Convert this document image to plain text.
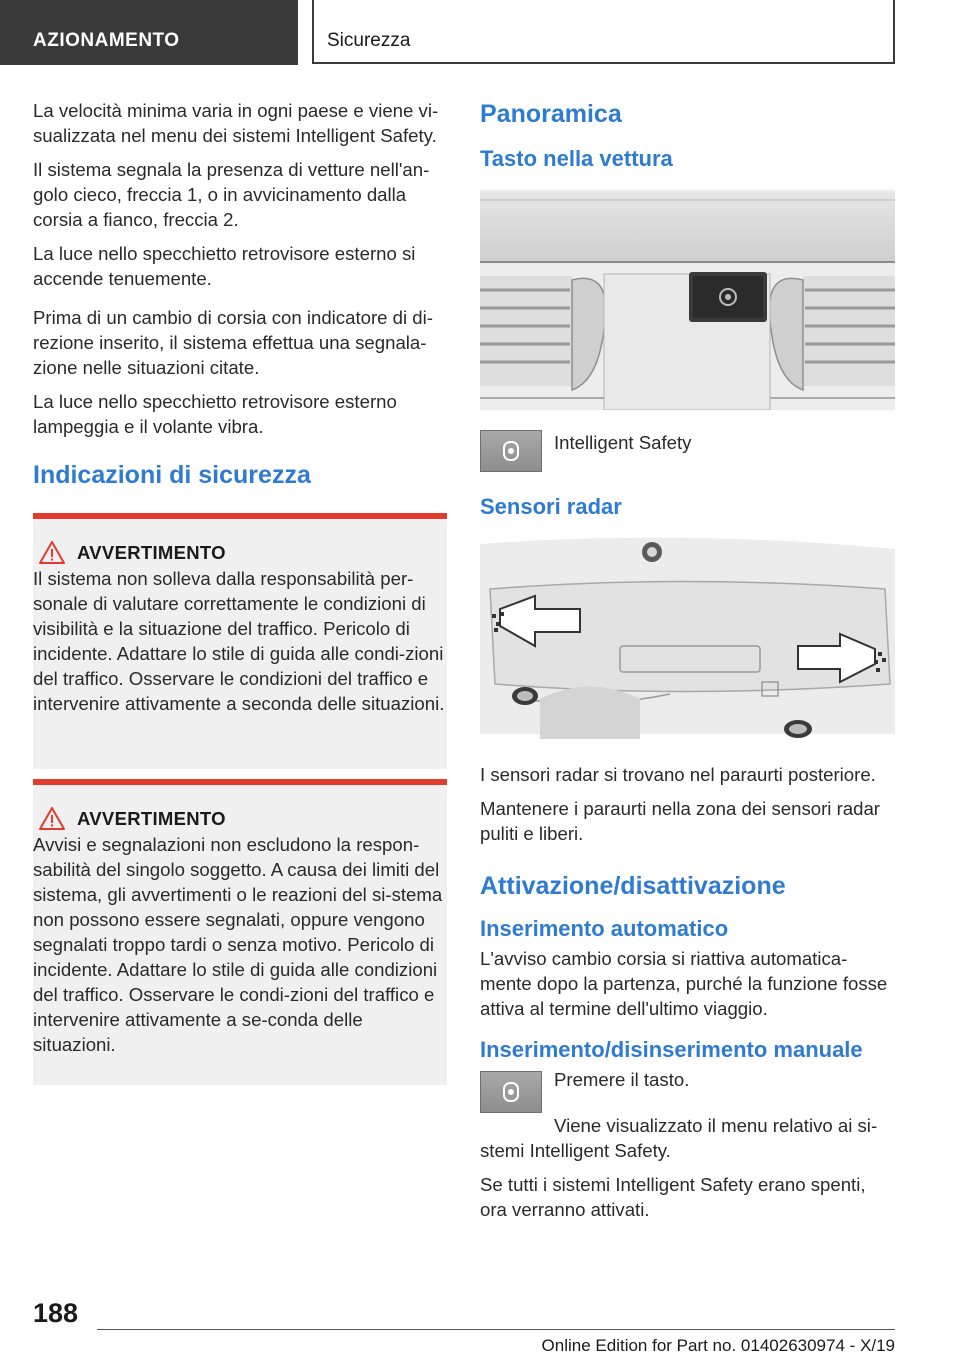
AZIONAMENTO	Sicurezza

La velocità minima varia in ogni paese e viene vi-sualizzata nel menu dei sistemi Intelligent Safety.

Il sistema segnala la presenza di vetture nell'an-golo cieco, freccia 1, o in avvicinamento dalla corsia a fianco, freccia 2.

La luce nello specchietto retrovisore esterno si accende tenuemente.

Prima di un cambio di corsia con indicatore di di-rezione inserito, il sistema effettua una segnala-zione nelle situazioni citate.

La luce nello specchietto retrovisore esterno lampeggia e il volante vibra.

Indicazioni di sicurezza
AVVERTIMENTO

Il sistema non solleva dalla responsabilità per-sonale di valutare correttamente le condizioni di visibilità e la situazione del traffico. Pericolo di incidente. Adattare lo stile di guida alle condi-zioni del traffico. Osservare le condizioni del traffico e intervenire attivamente a seconda delle situazioni.

AVVERTIMENTO

Avvisi e segnalazioni non escludono la respon-sabilità del singolo soggetto. A causa dei limiti del sistema, gli avvertimenti o le reazioni del si-stema non possono essere segnalati, oppure vengono segnalati troppo tardi o senza motivo. Pericolo di incidente. Adattare lo stile di guida alle condizioni del traffico. Osservare le condi-zioni del traffico e intervenire attivamente a se-conda delle situazioni.

Panoramica
Tasto nella vettura

Intelligent Safety

Sensori radar

I sensori radar si trovano nel paraurti posteriore.

Mantenere i paraurti nella zona dei sensori radar puliti e liberi.

Attivazione/disattivazione
Inserimento automatico

L'avviso cambio corsia si riattiva automatica-mente dopo la partenza, purché la funzione fosse attiva al termine dell'ultimo viaggio.

Inserimento/disinserimento manuale

Premere il tasto.

Viene visualizzato il menu relativo ai si-stemi Intelligent Safety.

Se tutti i sistemi Intelligent Safety erano spenti, ora verranno attivati.

188
Online Edition for Part no. 01402630974 - X/19
